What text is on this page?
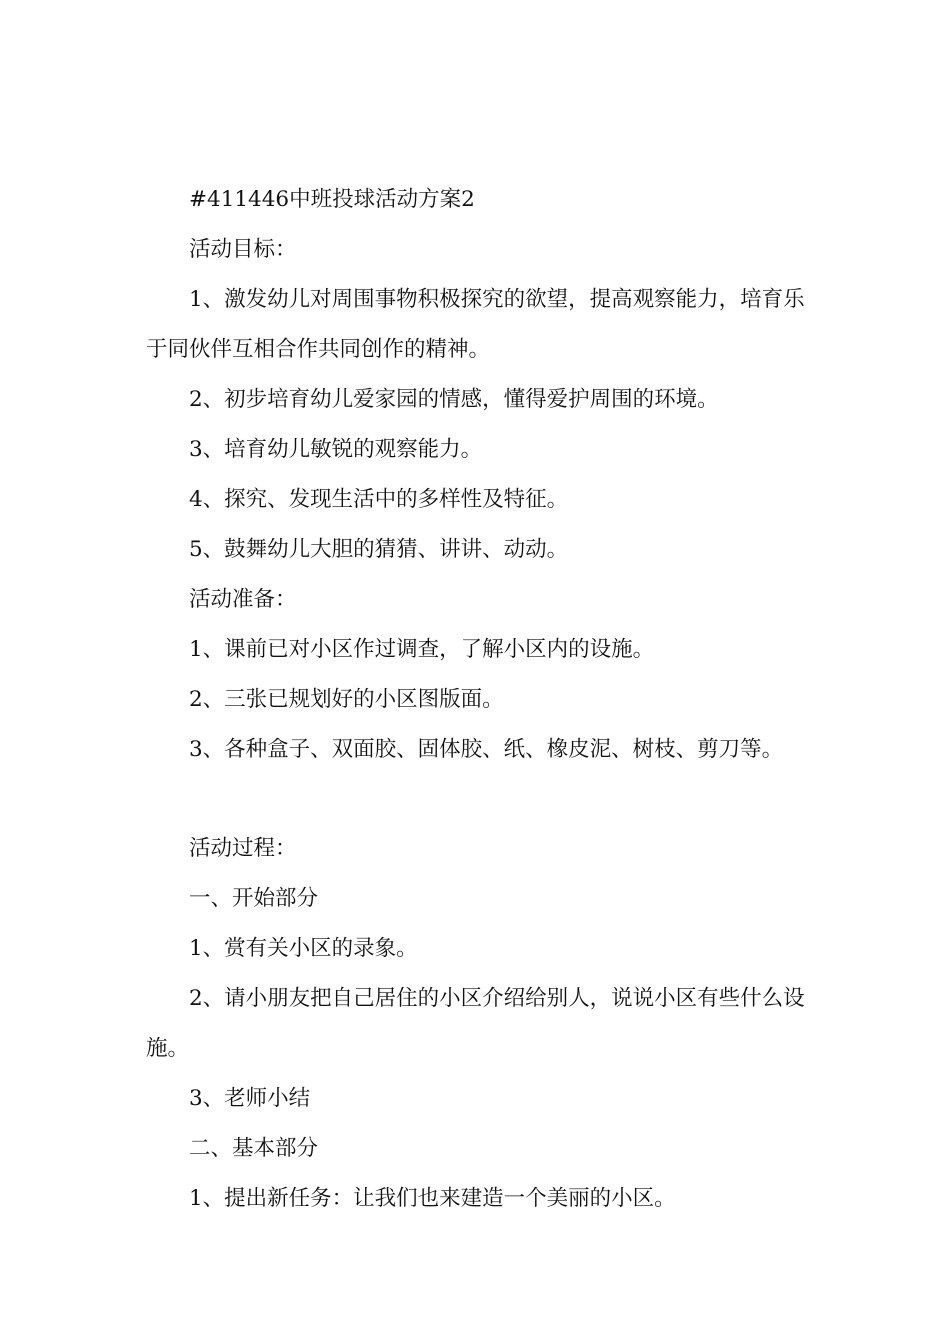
#411446中班投球活动方案2
活动目标：
1、激发幼儿对周围事物积极探究的欲望，提高观察能力，培育乐于同伙伴互相合作共同创作的精神。
2、初步培育幼儿爱家园的情感，懂得爱护周围的环境。
3、培育幼儿敏锐的观察能力。
4、探究、发现生活中的多样性及特征。
5、鼓舞幼儿大胆的猜猜、讲讲、动动。
活动准备：
1、课前已对小区作过调查，了解小区内的设施。
2、三张已规划好的小区图版面。
3、各种盒子、双面胶、固体胶、纸、橡皮泥、树枝、剪刀等。
活动过程：
一、开始部分
1、赏有关小区的录象。
2、请小朋友把自己居住的小区介绍给别人，说说小区有些什么设施。
3、老师小结
二、基本部分
1、提出新任务：让我们也来建造一个美丽的小区。
